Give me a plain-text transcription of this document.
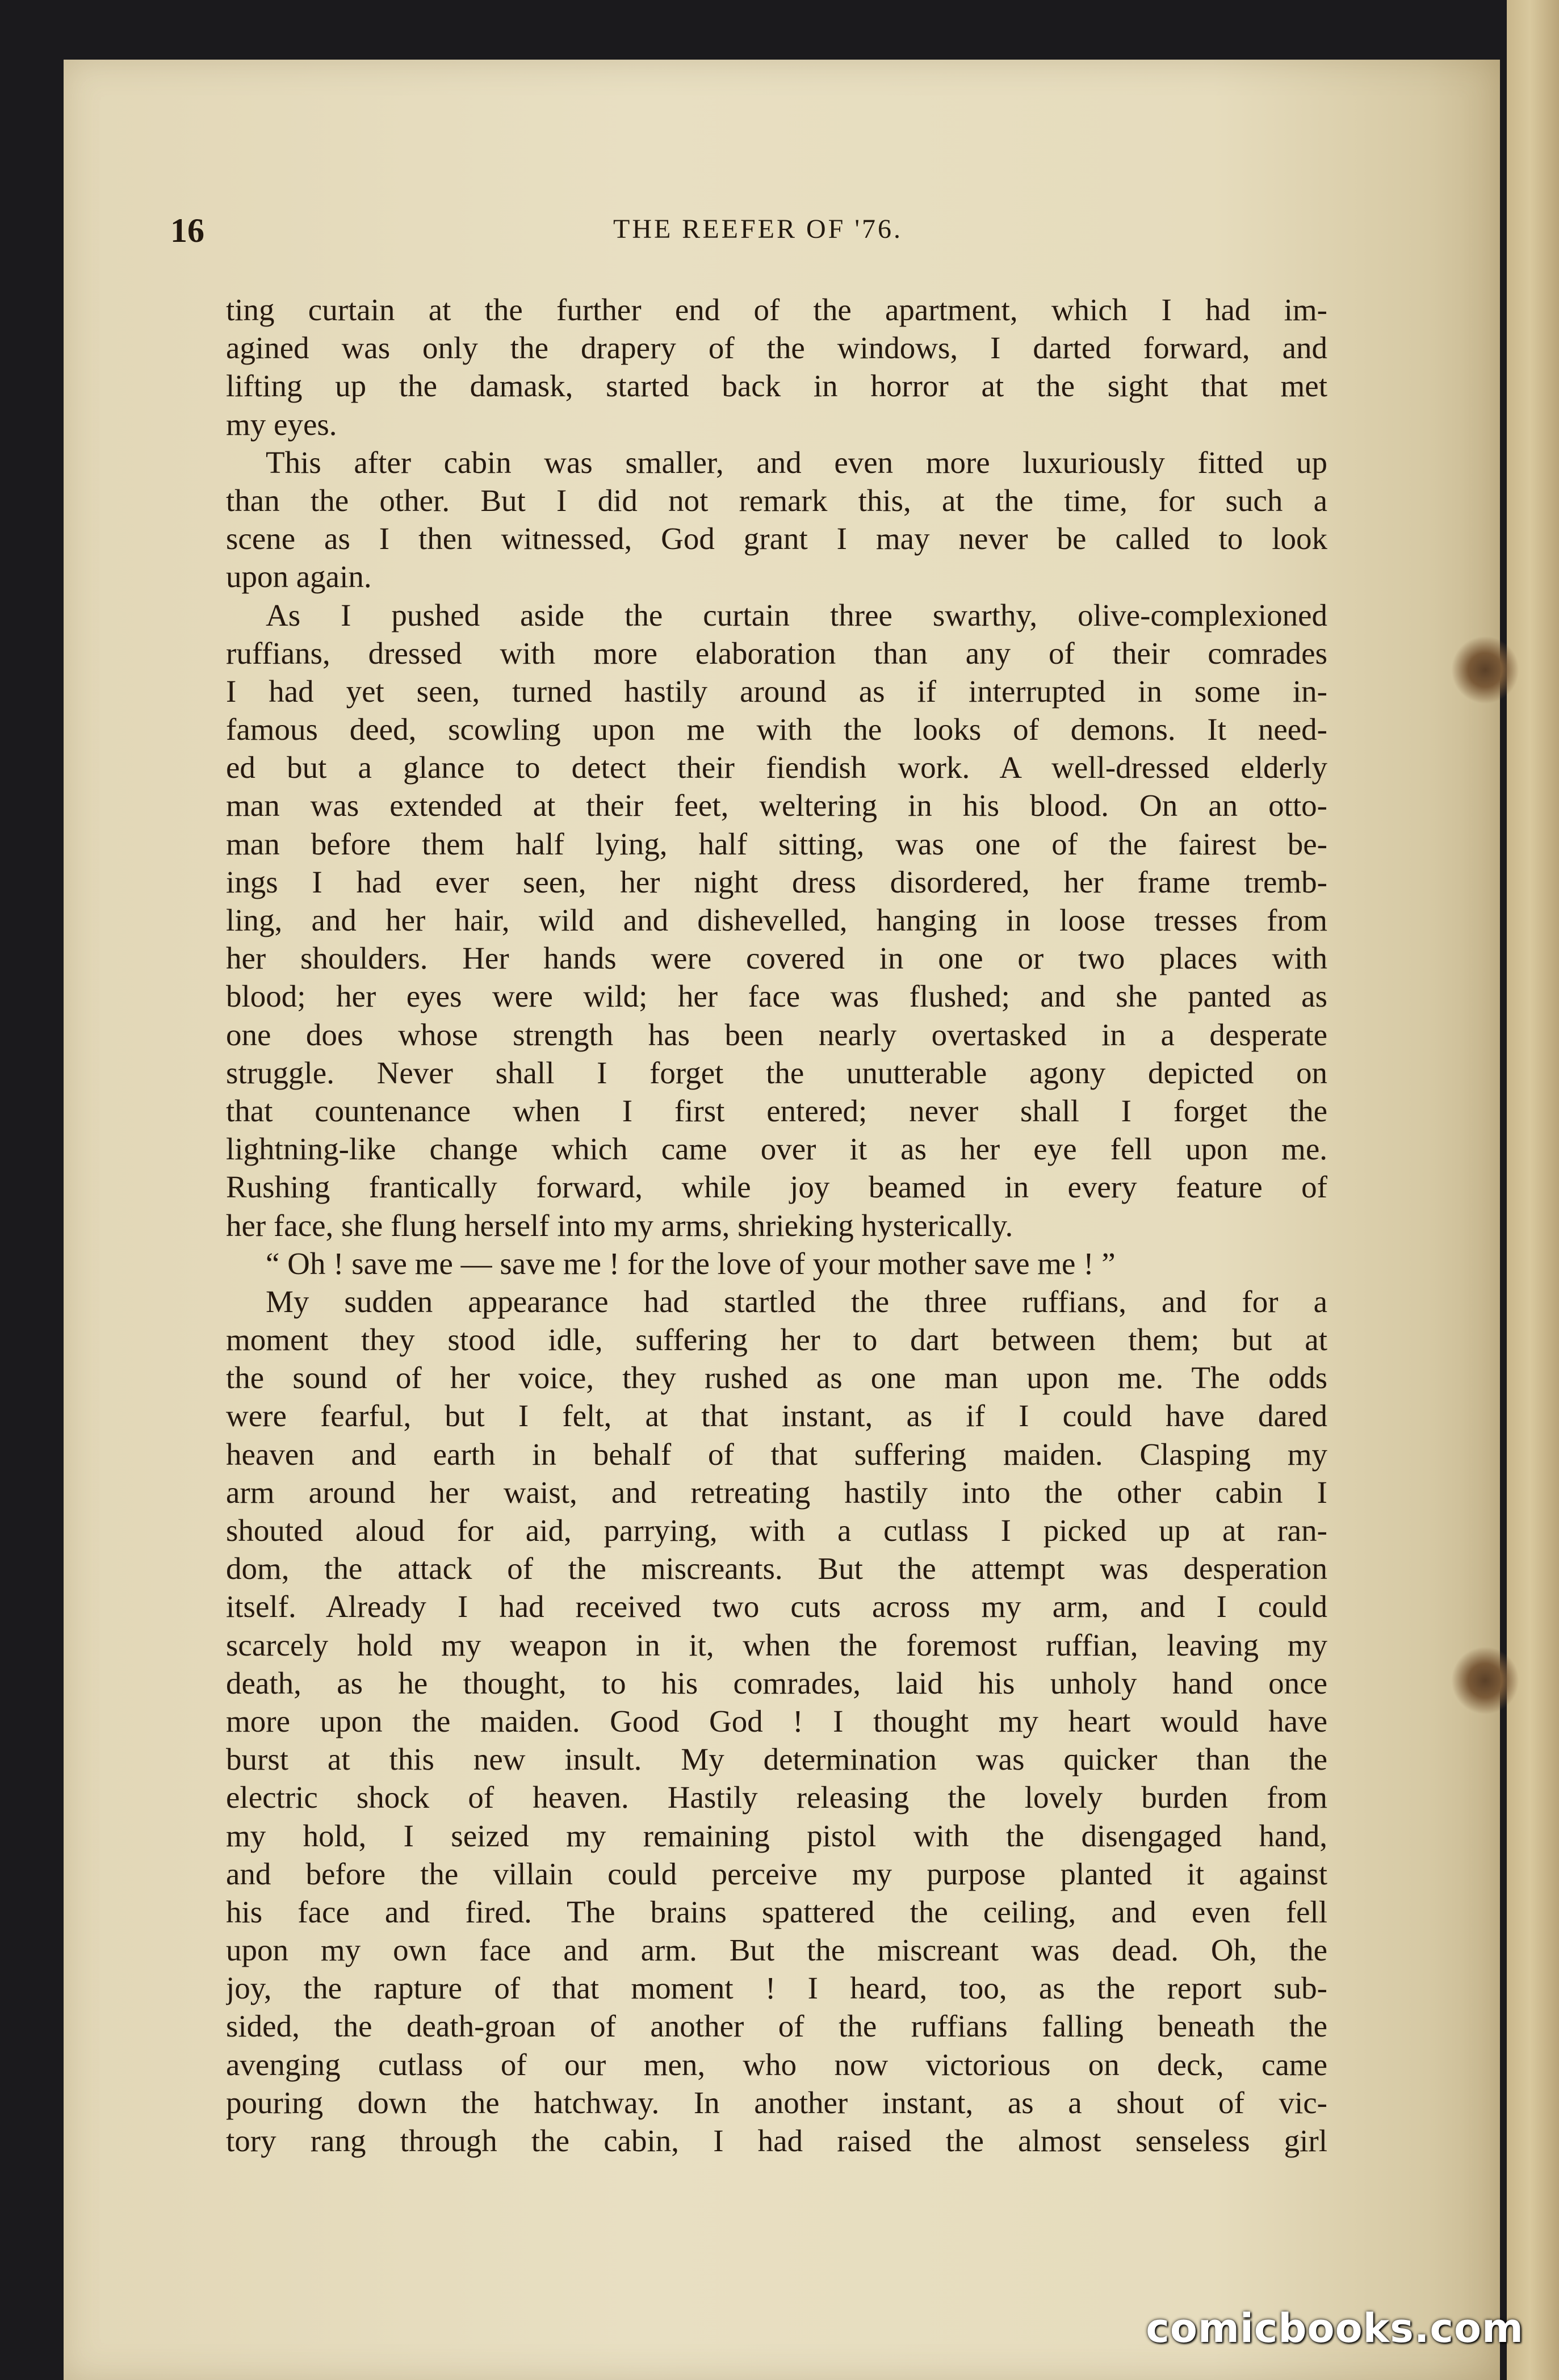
16	THE REEFER OF '76.
ting curtain at the further end of the apartment, which I had im-
agined was only the drapery of the windows, I darted forward, and
lifting up the damask, started back in horror at the sight that met
my eyes.
This after cabin was smaller, and even more luxuriously fitted up
than the other. But I did not remark this, at the time, for such a
scene as I then witnessed, God grant I may never be called to look
upon again.
As I pushed aside the curtain three swarthy, olive-complexioned
ruffians, dressed with more elaboration than any of their comrades
I had yet seen, turned hastily around as if interrupted in some in-
famous deed, scowling upon me with the looks of demons. It need-
ed but a glance to detect their fiendish work. A well-dressed elderly
man was extended at their feet, weltering in his blood. On an otto-
man before them half lying, half sitting, was one of the fairest be-
ings I had ever seen, her night dress disordered, her frame tremb-
ling, and her hair, wild and dishevelled, hanging in loose tresses from
her shoulders. Her hands were covered in one or two places with
blood; her eyes were wild; her face was flushed; and she panted as
one does whose strength has been nearly overtasked in a desperate
struggle. Never shall I forget the unutterable agony depicted on
that countenance when I first entered; never shall I forget the
lightning-like change which came over it as her eye fell upon me.
Rushing frantically forward, while joy beamed in every feature of
her face, she flung herself into my arms, shrieking hysterically.
“ Oh ! save me — save me ! for the love of your mother save me ! ”
My sudden appearance had startled the three ruffians, and for a
moment they stood idle, suffering her to dart between them; but at
the sound of her voice, they rushed as one man upon me. The odds
were fearful, but I felt, at that instant, as if I could have dared
heaven and earth in behalf of that suffering maiden. Clasping my
arm around her waist, and retreating hastily into the other cabin I
shouted aloud for aid, parrying, with a cutlass I picked up at ran-
dom, the attack of the miscreants. But the attempt was desperation
itself. Already I had received two cuts across my arm, and I could
scarcely hold my weapon in it, when the foremost ruffian, leaving my
death, as he thought, to his comrades, laid his unholy hand once
more upon the maiden. Good God ! I thought my heart would have
burst at this new insult. My determination was quicker than the
electric shock of heaven. Hastily releasing the lovely burden from
my hold, I seized my remaining pistol with the disengaged hand,
and before the villain could perceive my purpose planted it against
his face and fired. The brains spattered the ceiling, and even fell
upon my own face and arm. But the miscreant was dead. Oh, the
joy, the rapture of that moment ! I heard, too, as the report sub-
sided, the death-groan of another of the ruffians falling beneath the
avenging cutlass of our men, who now victorious on deck, came
pouring down the hatchway. In another instant, as a shout of vic-
tory rang through the cabin, I had raised the almost senseless girl
comicbooks.com
